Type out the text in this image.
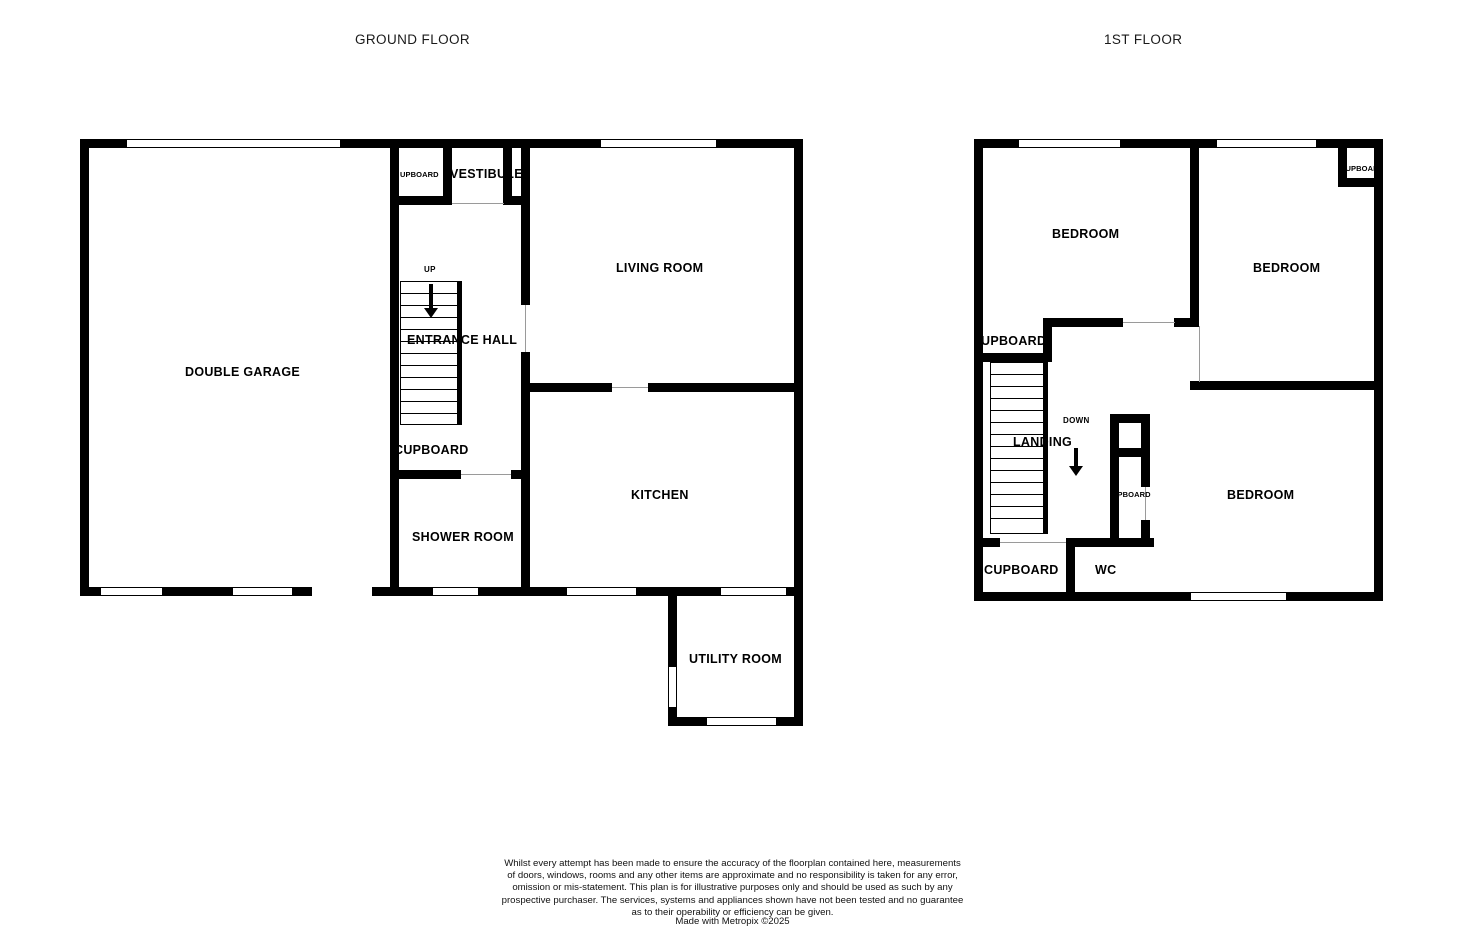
GROUND FLOOR	1ST FLOOR
UP
DOUBLE GARAGE
UPBOARD VESTIBULE
LIVING ROOM
ENTRANCE HALL
CUPBOARD
SHOWER ROOM
KITCHEN
UTILITY ROOM
DOWN
BEDROOM
BEDROOM
BEDROOM
UPBOARD
CUPBOAR
LANDING
UPBOARD
CUPBOARD	WC
Whilst every attempt has been made to ensure the accuracy of the floorplan contained here, measurements
of doors, windows, rooms and any other items are approximate and no responsibility is taken for any error,
omission or mis-statement. This plan is for illustrative purposes only and should be used as such by any
prospective purchaser. The services, systems and appliances shown have not been tested and no guarantee
as to their operability or efficiency can be given.
Made with Metropix ©2025
